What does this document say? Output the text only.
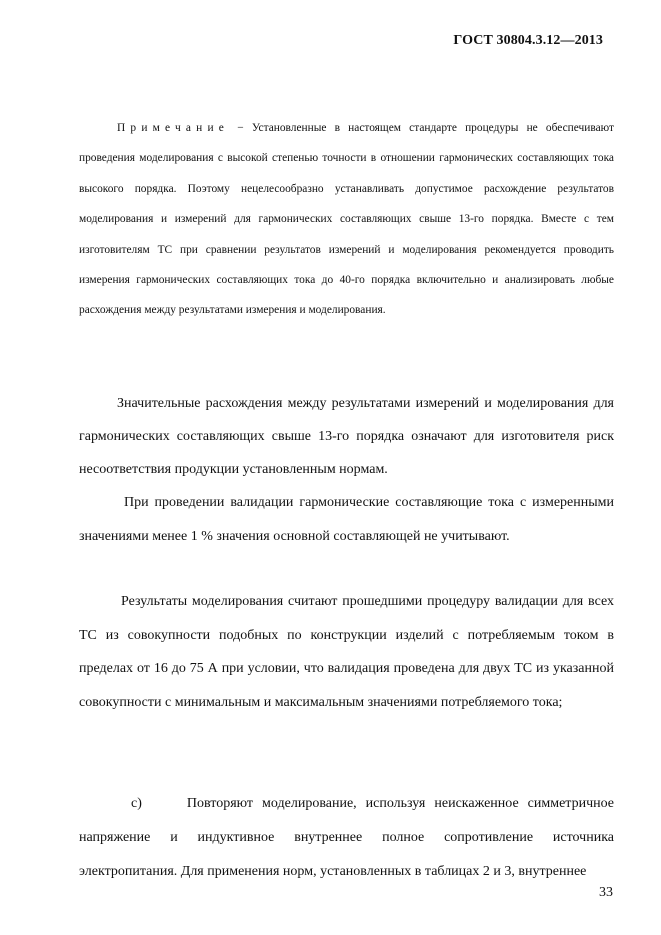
ГОСТ 30804.3.12—2013

Примечание − Установленные в настоящем стандарте процедуры не обеспечивают проведения моделирования с высокой степенью точности в отношении гармонических составляющих тока высокого порядка. Поэтому нецелесообразно устанавливать допустимое расхождение результатов моделирования и измерений для гармонических составляющих свыше 13-го порядка. Вместе с тем изготовителям ТС при сравнении результатов измерений и моделирования рекомендуется проводить измерения гармонических составляющих тока до 40-го порядка включительно и анализировать любые расхождения между результатами измерения и моделирования.

Значительные расхождения между результатами измерений и моделирования для гармонических составляющих свыше 13-го порядка означают для изготовителя риск несоответствия продукции установленным нормам.

При проведении валидации гармонические составляющие тока с измеренными значениями менее 1 % значения основной составляющей не учитывают.

Результаты моделирования считают прошедшими процедуру валидации для всех ТС из совокупности подобных по конструкции изделий с потребляемым током в пределах от 16 до 75 А при условии, что валидация проведена для двух ТС из указанной совокупности с минимальным и максимальным значениями потребляемого тока;

c)	Повторяют моделирование, используя неискаженное симметричное напряжение и индуктивное внутреннее полное сопротивление источника электропитания. Для применения норм, установленных в таблицах 2 и 3, внутреннее

33
